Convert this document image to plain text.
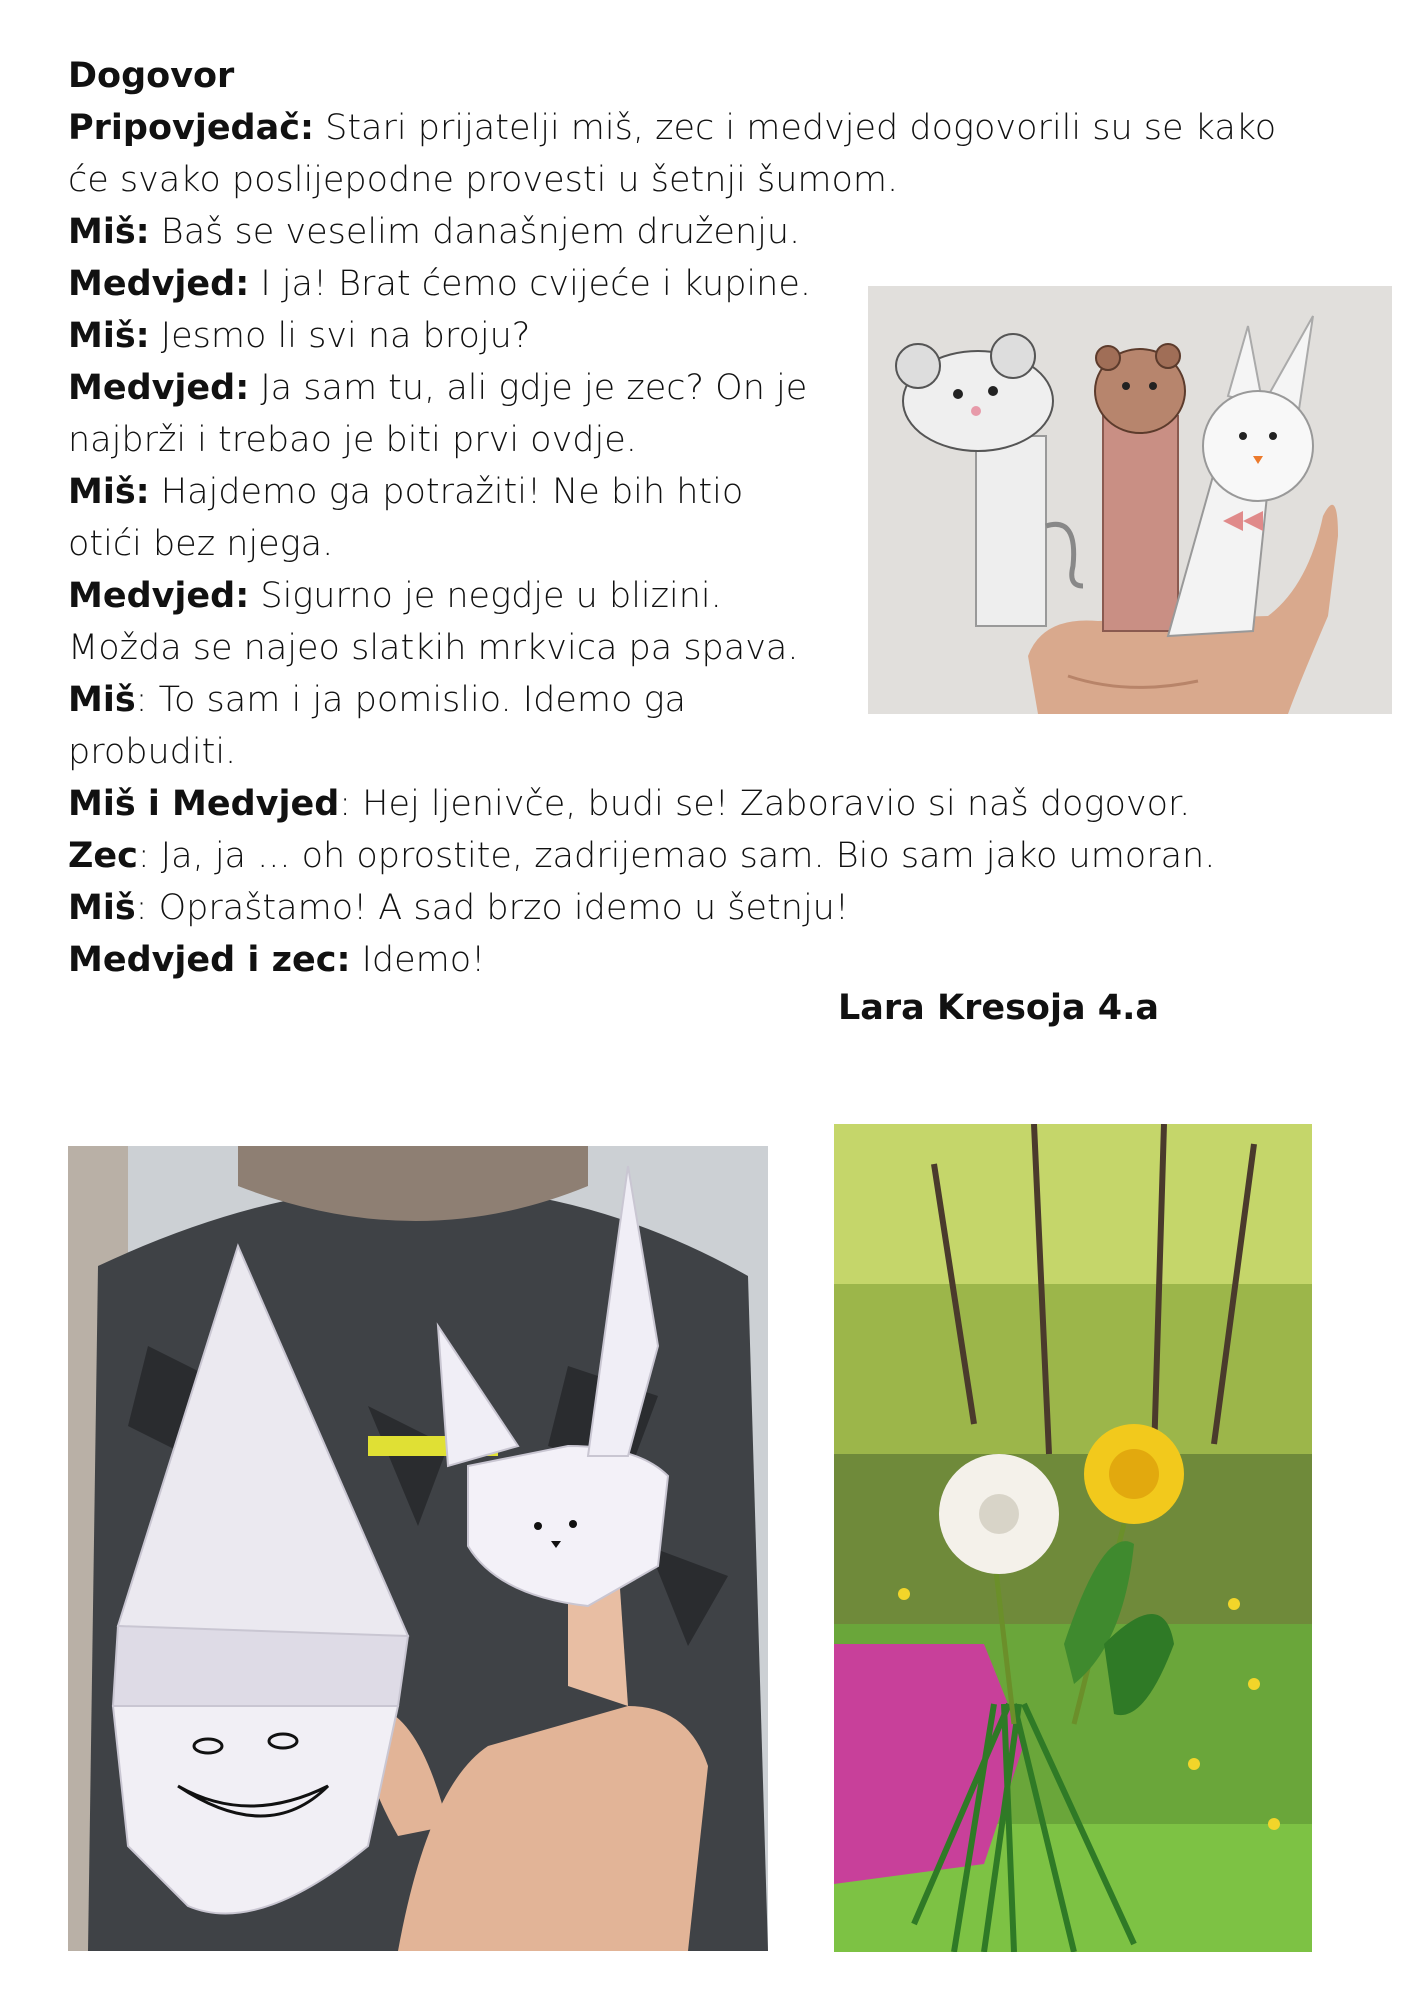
Dogovor

Pripovjedač: Stari prijatelji miš, zec i medvjed dogovorili su se kako će svako poslijepodne provesti u šetnji šumom.

Miš: Baš se veselim današnjem druženju.

Medvjed: I ja! Brat ćemo cvijeće i kupine.

Miš: Jesmo li svi na broju?

Medvjed: Ja sam tu, ali gdje je zec? On je najbrži i trebao je biti prvi ovdje.

Miš: Hajdemo ga potražiti! Ne bih htio otići bez njega.

Medvjed: Sigurno je negdje u blizini. Možda se najeo slatkih mrkvica pa spava.

Miš: To sam i ja pomislio. Idemo ga probuditi.

Miš i Medvjed: Hej ljenivče, budi se! Zaboravio si naš dogovor.

Zec: Ja, ja ... oh oprostite, zadrijemao sam. Bio sam jako umoran.

Miš: Opraštamo! A sad brzo idemo u šetnju!

Medvjed i zec: Idemo!

Lara Kresoja 4.a
